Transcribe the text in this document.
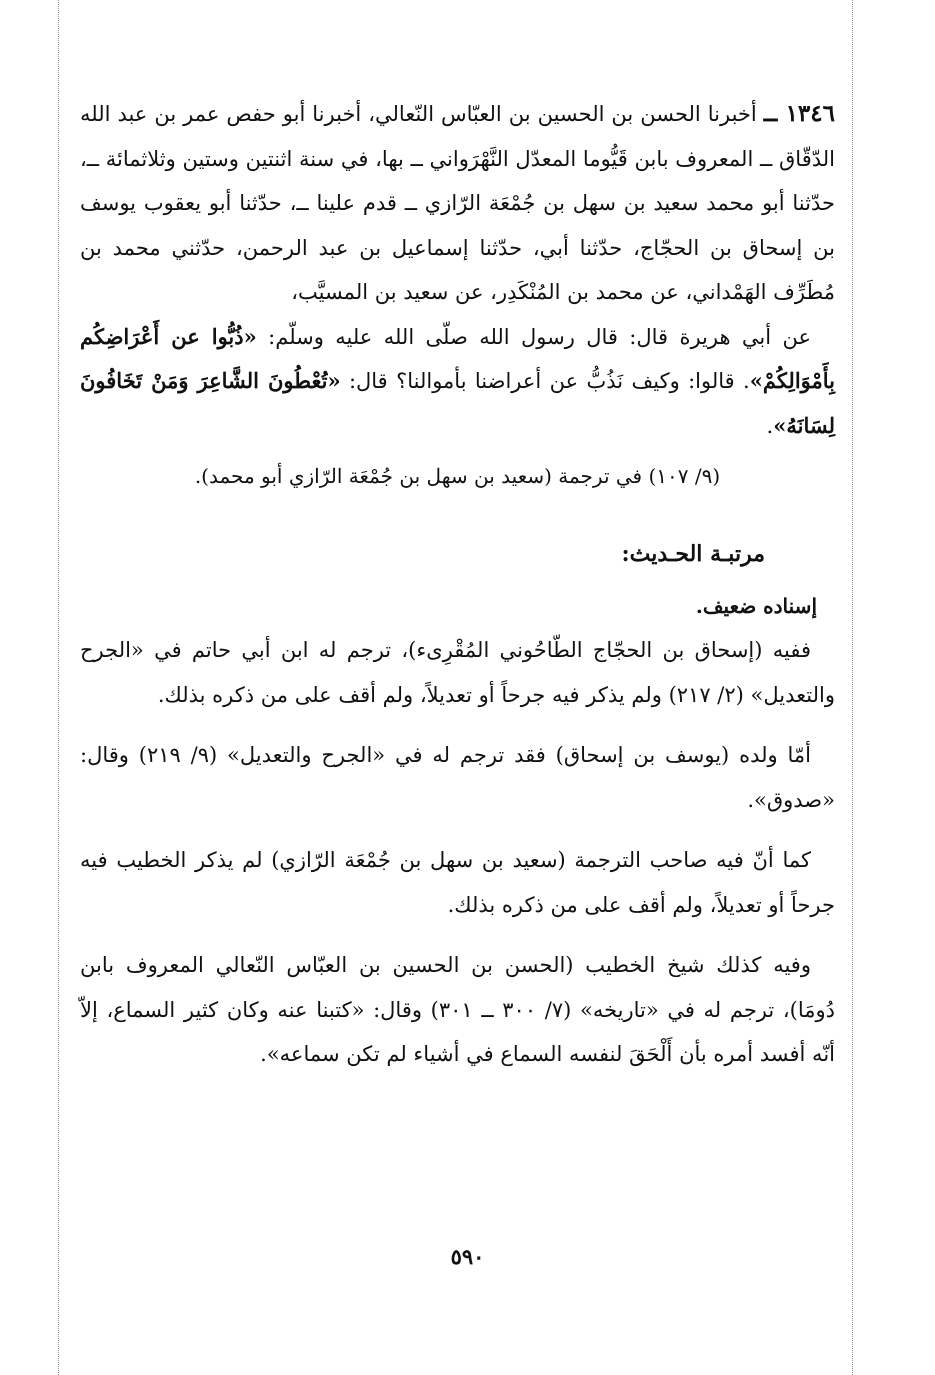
١٣٤٦ ــ أخبرنا الحسن بن الحسين بن العبّاس النّعالي، أخبرنا أبو حفص عمر بن عبد الله الدّقّاق ــ المعروف بابن قَيُّوما المعدّل النَّهْرَواني ــ بها، في سنة اثنتين وستين وثلاثمائة ــ، حدّثنا أبو محمد سعيد بن سهل بن جُمْعَة الرّازي ــ قدم علينا ــ، حدّثنا أبو يعقوب يوسف بن إسحاق بن الحجّاج، حدّثنا أبي، حدّثنا إسماعيل بن عبد الرحمن، حدّثني محمد بن مُطَرِّف الهَمْداني، عن محمد بن المُنْكَدِر، عن سعيد بن المسيَّب،

عن أبي هريرة قال: قال رسول الله صلّى الله عليه وسلّم: «ذُبُّوا عن أَعْرَاضِكُم بِأَمْوَالِكُمْ». قالوا: وكيف نَذُبُّ عن أعراضنا بأموالنا؟ قال: «تُعْطُونَ الشَّاعِرَ وَمَنْ تَخَافُونَ لِسَانَهُ».

(٩/ ١٠٧) في ترجمة (سعيد بن سهل بن جُمْعَة الرّازي أبو محمد).

مرتبـة الحـديث:

إسناده ضعيف.

ففيه (إسحاق بن الحجّاج الطّاحُوني المُقْرِىء)، ترجم له ابن أبي حاتم في «الجرح والتعديل» (٢/ ٢١٧) ولم يذكر فيه جرحاً أو تعديلاً، ولم أقف على من ذكره بذلك.

أمّا ولده (يوسف بن إسحاق) فقد ترجم له في «الجرح والتعديل» (٩/ ٢١٩) وقال: «صدوق».

كما أنّ فيه صاحب الترجمة (سعيد بن سهل بن جُمْعَة الرّازي) لم يذكر الخطيب فيه جرحاً أو تعديلاً، ولم أقف على من ذكره بذلك.

وفيه كذلك شيخ الخطيب (الحسن بن الحسين بن العبّاس النّعالي المعروف بابن دُومَا)، ترجم له في «تاريخه» (٧/ ٣٠٠ ــ ٣٠١) وقال: «كتبنا عنه وكان كثير السماع، إلاّ أنّه أفسد أمره بأن أَلْحَقَ لنفسه السماع في أشياء لم تكن سماعه».

٥٩٠
